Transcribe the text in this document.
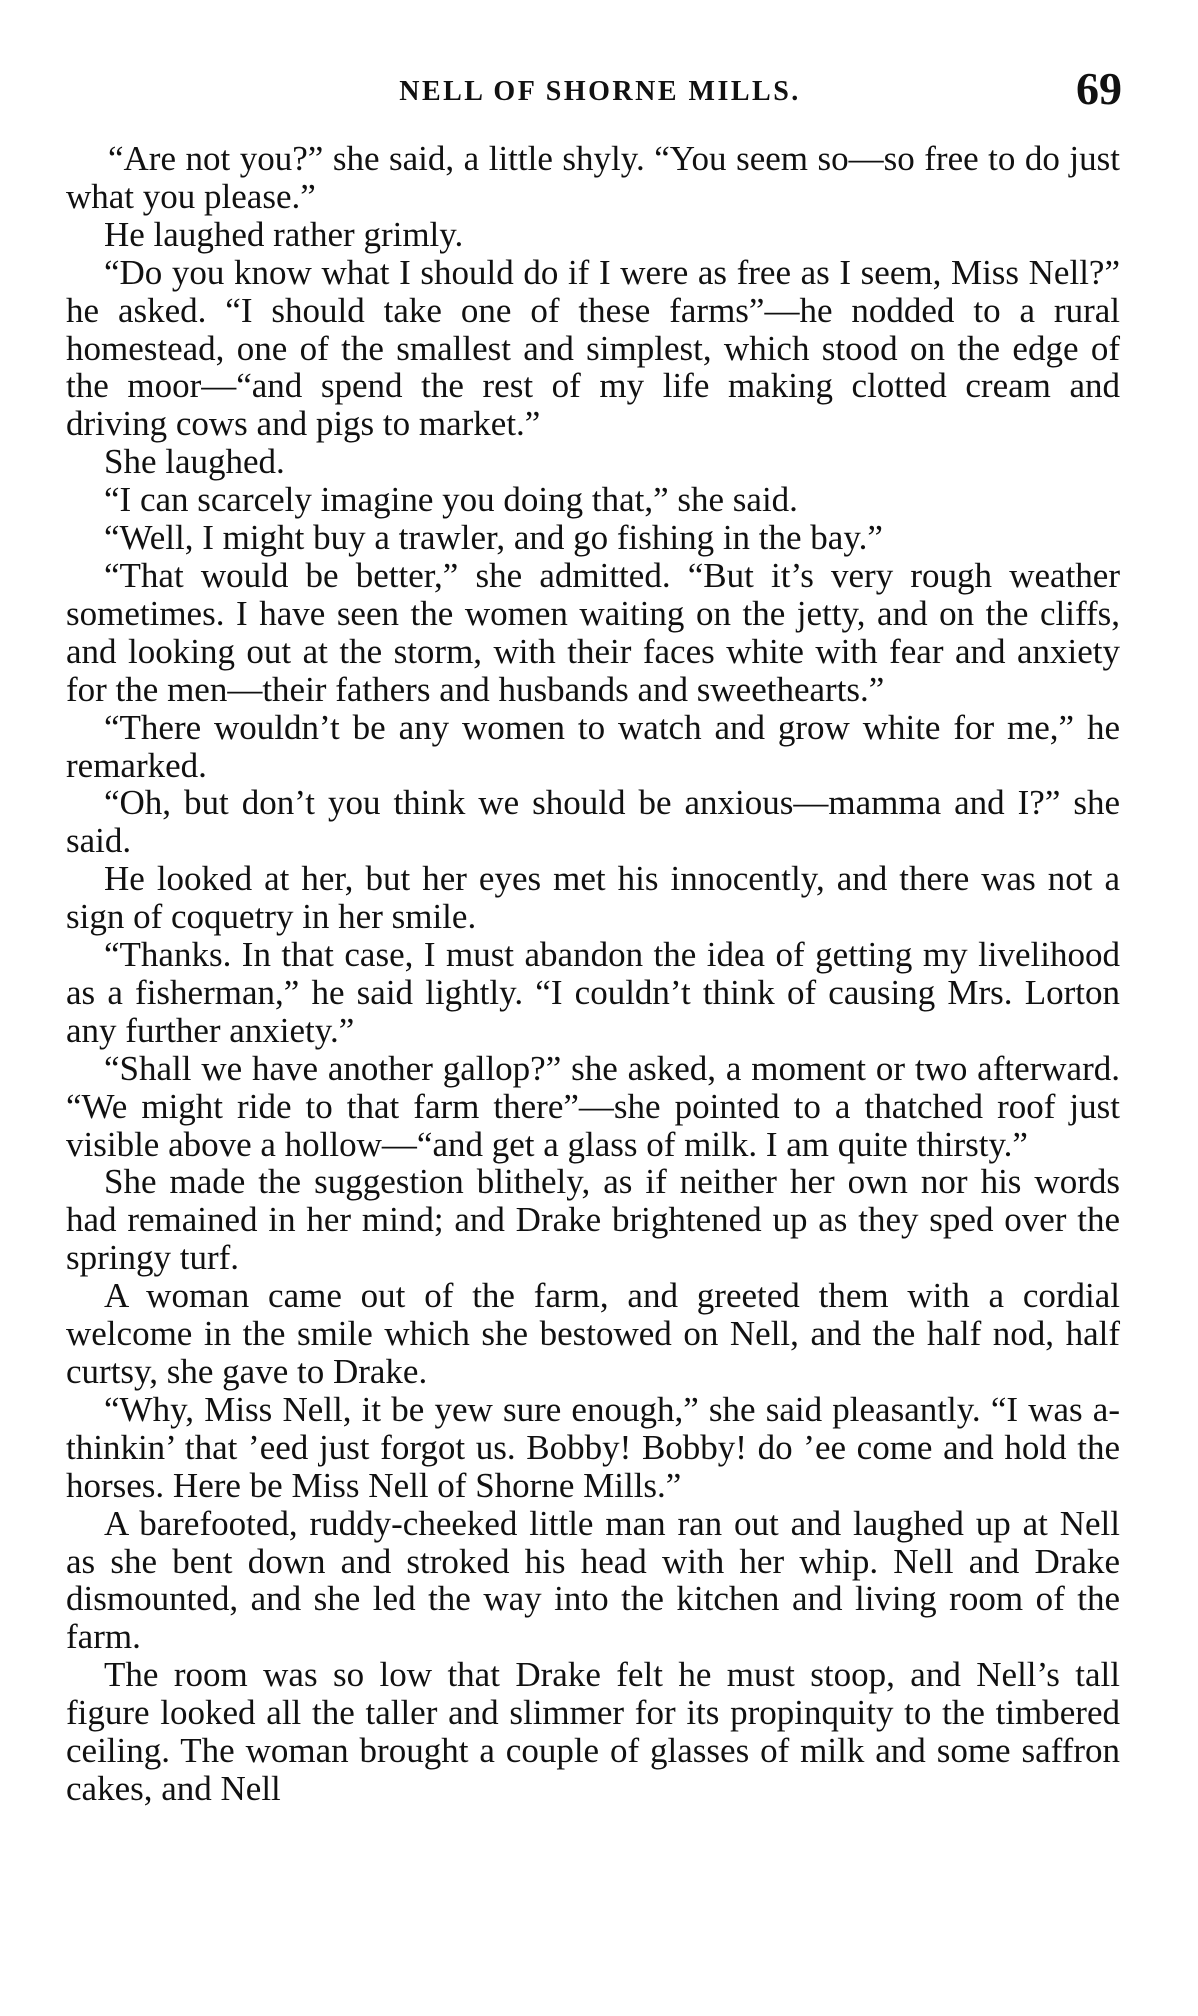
NELL OF SHORNE MILLS.	69

“Are not you?” she said, a little shyly. “You seem so—so free to do just what you please.”

He laughed rather grimly.

“Do you know what I should do if I were as free as I seem, Miss Nell?” he asked. “I should take one of these farms”—he nodded to a rural homestead, one of the smallest and simplest, which stood on the edge of the moor—“and spend the rest of my life making clotted cream and driving cows and pigs to market.”

She laughed.

“I can scarcely imagine you doing that,” she said.

“Well, I might buy a trawler, and go fishing in the bay.”

“That would be better,” she admitted. “But it’s very rough weather sometimes. I have seen the women waiting on the jetty, and on the cliffs, and looking out at the storm, with their faces white with fear and anxiety for the men—their fathers and husbands and sweethearts.”

“There wouldn’t be any women to watch and grow white for me,” he remarked.

“Oh, but don’t you think we should be anxious—mamma and I?” she said.

He looked at her, but her eyes met his innocently, and there was not a sign of coquetry in her smile.

“Thanks. In that case, I must abandon the idea of getting my livelihood as a fisherman,” he said lightly. “I couldn’t think of causing Mrs. Lorton any further anxiety.”

“Shall we have another gallop?” she asked, a moment or two afterward. “We might ride to that farm there”—she pointed to a thatched roof just visible above a hollow—“and get a glass of milk. I am quite thirsty.”

She made the suggestion blithely, as if neither her own nor his words had remained in her mind; and Drake brightened up as they sped over the springy turf.

A woman came out of the farm, and greeted them with a cordial welcome in the smile which she bestowed on Nell, and the half nod, half curtsy, she gave to Drake.

“Why, Miss Nell, it be yew sure enough,” she said pleasantly. “I was a-thinkin’ that ’eed just forgot us. Bobby! Bobby! do ’ee come and hold the horses. Here be Miss Nell of Shorne Mills.”

A barefooted, ruddy-cheeked little man ran out and laughed up at Nell as she bent down and stroked his head with her whip. Nell and Drake dismounted, and she led the way into the kitchen and living room of the farm.

The room was so low that Drake felt he must stoop, and Nell’s tall figure looked all the taller and slimmer for its propinquity to the timbered ceiling. The woman brought a couple of glasses of milk and some saffron cakes, and Nell
